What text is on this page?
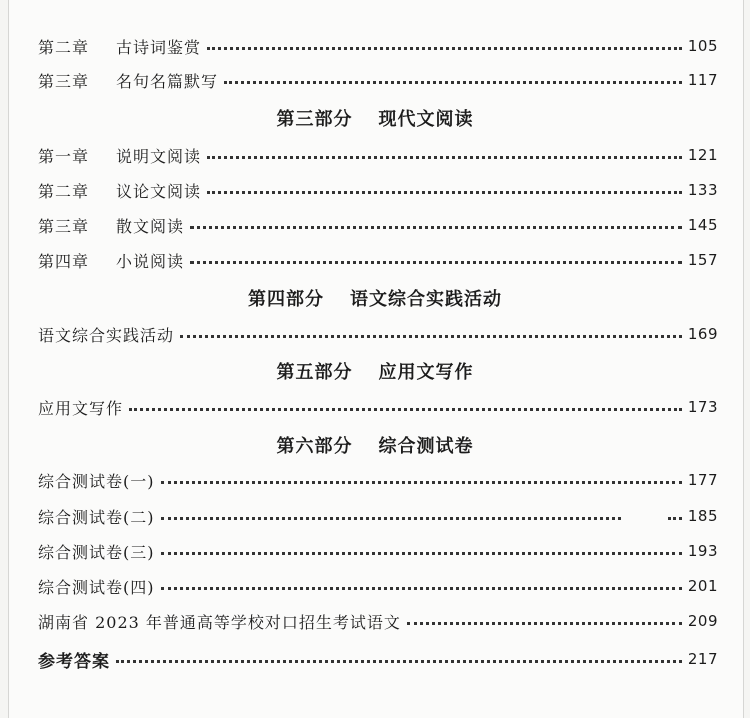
第二章	古诗词鉴赏	105
第三章	名句名篇默写	117
第三部分 现代文阅读
第一章	说明文阅读	121
第二章	议论文阅读	133
第三章	散文阅读	145
第四章	小说阅读	157
第四部分 语文综合实践活动
语文综合实践活动	169
第五部分 应用文写作
应用文写作	173
第六部分 综合测试卷
综合测试卷(一)	177
综合测试卷(二)	185
综合测试卷(三)	193
综合测试卷(四)	201
湖南省 2023 年普通高等学校对口招生考试语文	209
参考答案	217
